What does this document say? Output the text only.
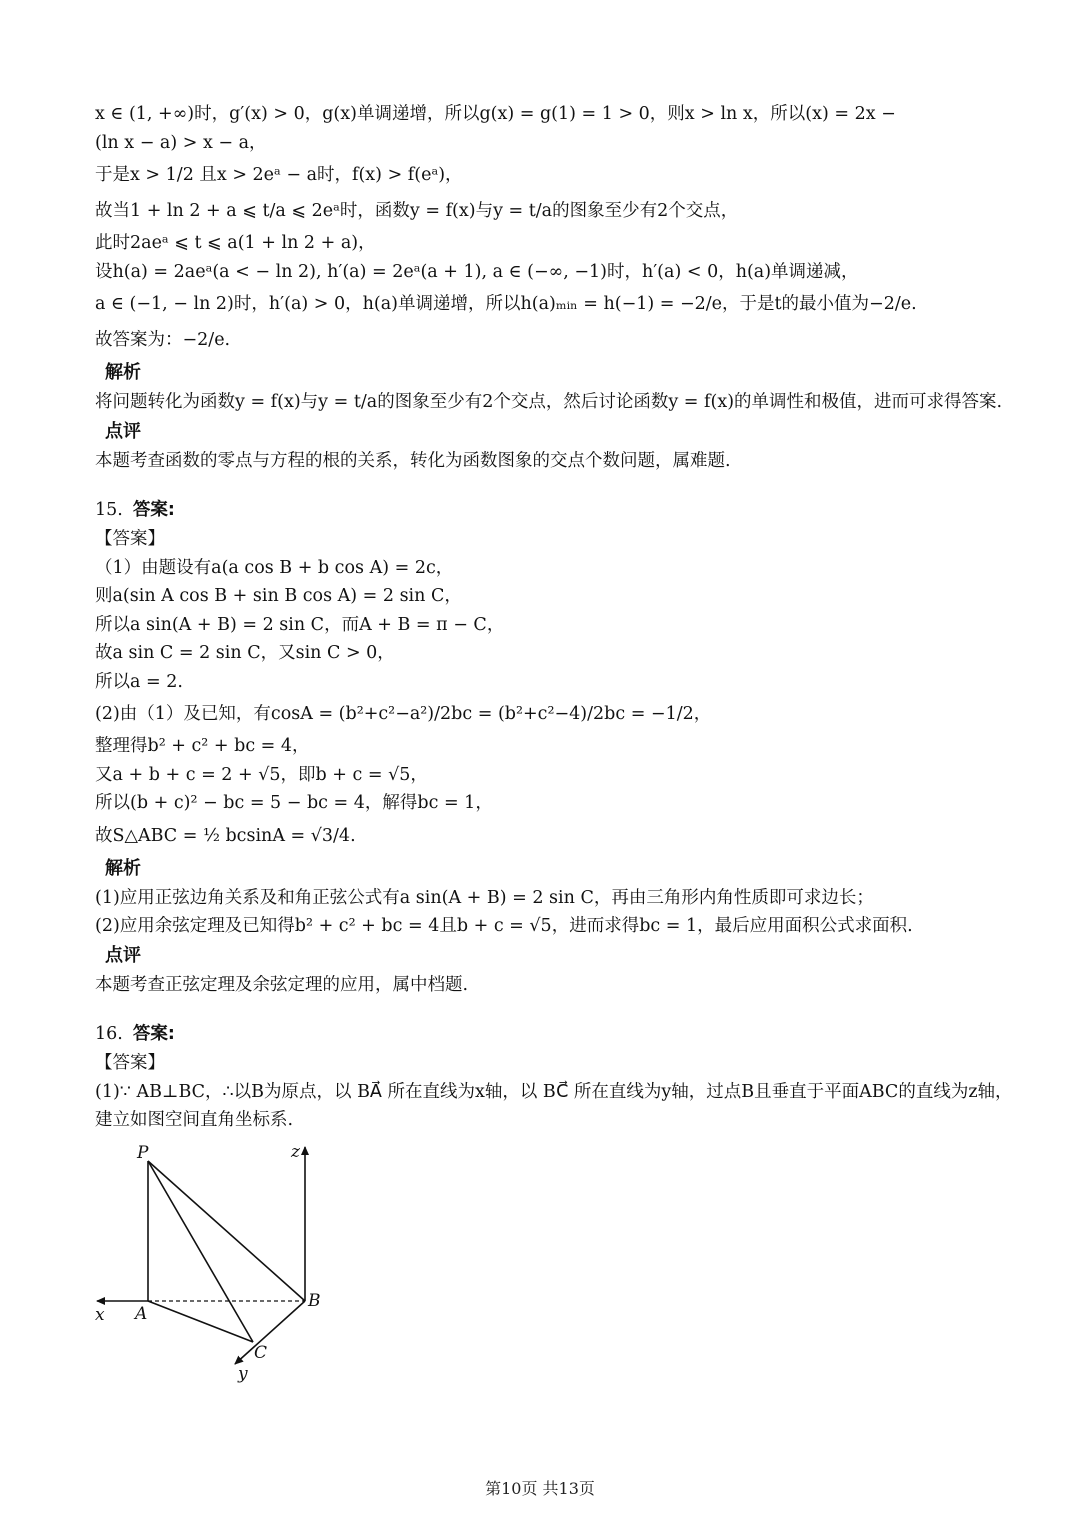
x ∈ (1, +∞)时，g′(x) > 0，g(x)单调递增，所以g(x) = g(1) = 1 > 0，则x > ln x，所以(x) = 2x −
(ln x − a) > x − a，
于是x > 1/2 且x > 2eᵃ − a时，f(x) > f(eᵃ)，
故当1 + ln 2 + a ⩽ t/a ⩽ 2eᵃ时，函数y = f(x)与y = t/a的图象至少有2个交点，
此时2aeᵃ ⩽ t ⩽ a(1 + ln 2 + a)，
设h(a) = 2aeᵃ(a < − ln 2), h′(a) = 2eᵃ(a + 1), a ∈ (−∞, −1)时，h′(a) < 0，h(a)单调递减，
a ∈ (−1, − ln 2)时，h′(a) > 0，h(a)单调递增，所以h(a)ₘᵢₙ = h(−1) = −2/e，于是t的最小值为−2/e.
故答案为：−2/e.
解析
将问题转化为函数y = f(x)与y = t/a的图象至少有2个交点，然后讨论函数y = f(x)的单调性和极值，进而可求得答案.
点评
本题考查函数的零点与方程的根的关系，转化为函数图象的交点个数问题，属难题.
15. 答案:
【答案】
（1）由题设有a(a cos B + b cos A) = 2c，
则a(sin A cos B + sin B cos A) = 2 sin C，
所以a sin(A + B) = 2 sin C，而A + B = π − C，
故a sin C = 2 sin C，又sin C > 0，
所以a = 2.
(2)由（1）及已知，有cosA = (b²+c²−a²)/2bc = (b²+c²−4)/2bc = −1/2，
整理得b² + c² + bc = 4，
又a + b + c = 2 + √5，即b + c = √5，
所以(b + c)² − bc = 5 − bc = 4，解得bc = 1，
故S△ABC = ½ bcsinA = √3/4.
解析
(1)应用正弦边角关系及和角正弦公式有a sin(A + B) = 2 sin C，再由三角形内角性质即可求边长；
(2)应用余弦定理及已知得b² + c² + bc = 4且b + c = √5，进而求得bc = 1，最后应用面积公式求面积.
点评
本题考查正弦定理及余弦定理的应用，属中档题.
16. 答案:
【答案】
(1)∵ AB⊥BC，∴以B为原点，以 BA⃗ 所在直线为x轴，以 BC⃗ 所在直线为y轴，过点B且垂直于平面ABC的直线为z轴，
建立如图空间直角坐标系.
P
A
B
C
x
y
z
第10页 共13页
